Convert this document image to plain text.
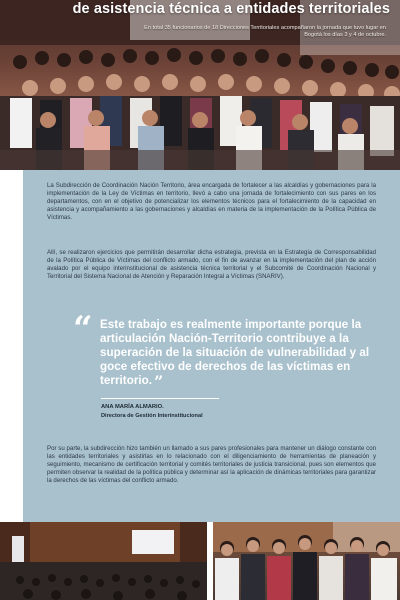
de asistencia técnica a entidades territoriales
En total 35 funcionarios de 18 Direcciones Territoriales acompañaron la jornada que tuvo lugar en Bogotá los días 3 y 4 de octubre.

La Subdirección de Coordinación Nación Territorio, área encargada de fortalecer a las alcaldías y gobernaciones para la implementación de la Ley de Víctimas en territorio, llevó a cabo una jornada de fortalecimiento con sus pares en los departamentos, con en el objetivo de potencializar los elementos técnicos para el fortalecimiento de la capacidad en asistencia y acompañamiento a las gobernaciones y alcaldías en materia de la implementación de la Política Pública de Víctimas.

Allí, se realizaron ejercicios que permitirán desarrollar dicha estrategia, prevista en la Estrategia de Corresponsabilidad de la Política Pública de Víctimas del conflicto armado, con el fin de avanzar en la implementación del plan de acción avalado por el equipo interinstitucional de asistencia técnica territorial y el Subcomité de Coordinación Nacional y Territorial del Sistema Nacional de Atención y Reparación Integral a Víctimas (SNARIV).

“ Este trabajo es realmente importante porque la articulación Nación-Territorio contribuye a la superación de la situación de vulnerabilidad y al goce efectivo de derechos de las víctimas en territorio. ”
ANA MARÍA ALMARIO.
Directora de Gestión Interinstitucional

Por su parte, la subdirección hizo también un llamado a sus pares profesionales para mantener un diálogo constante con las entidades territoriales y asistirlas en lo relacionado con el diligenciamiento de herramientas de planeación y seguimiento, mecanismo de certificación territorial y comités territoriales de justicia transicional, pues son elementos que permiten observar la realidad de la política pública y determinar así la aplicación de dinámicas territoriales para garantizar la derechos de las víctimas del conflicto armado.
